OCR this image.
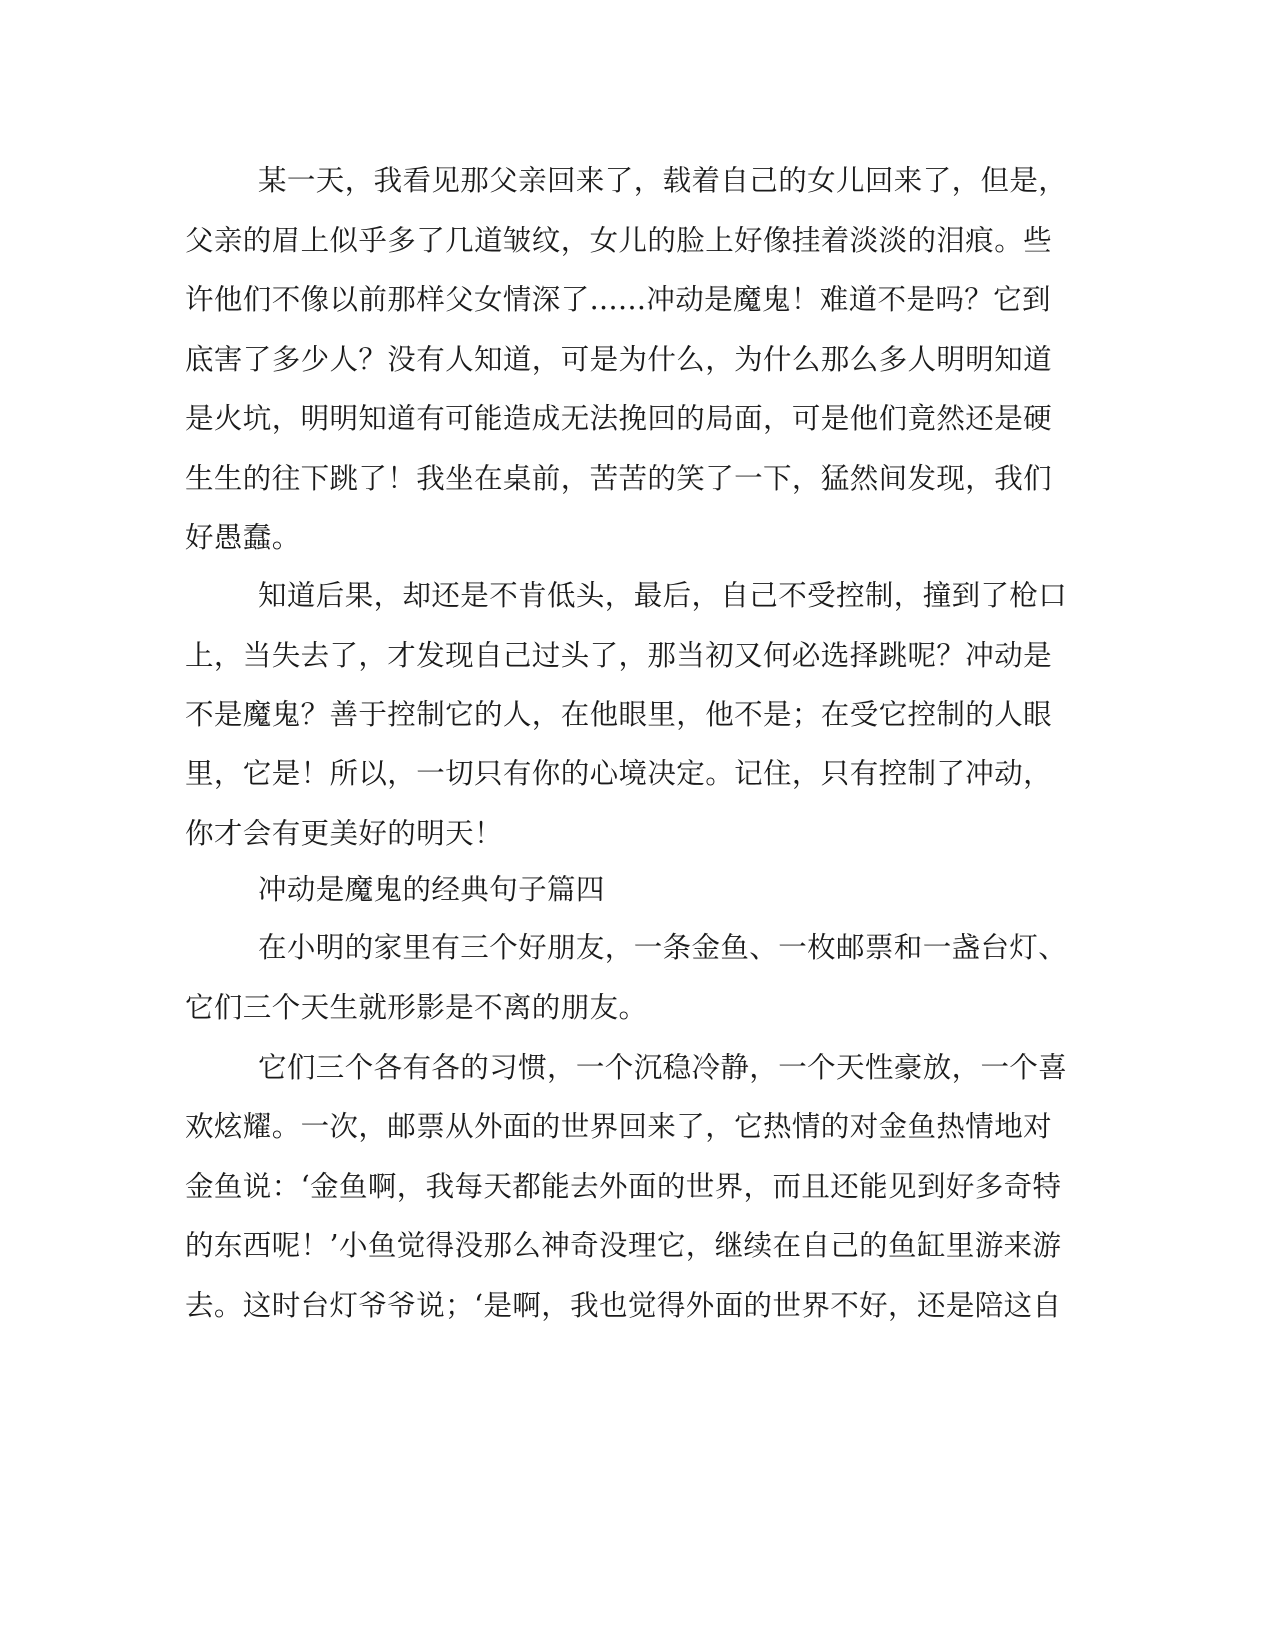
某一天，我看见那父亲回来了，载着自己的女儿回来了，但是，
父亲的眉上似乎多了几道皱纹，女儿的脸上好像挂着淡淡的泪痕。些
许他们不像以前那样父女情深了......冲动是魔鬼！难道不是吗？它到
底害了多少人？没有人知道，可是为什么，为什么那么多人明明知道
是火坑，明明知道有可能造成无法挽回的局面，可是他们竟然还是硬
生生的往下跳了！我坐在桌前，苦苦的笑了一下，猛然间发现，我们
好愚蠢。
知道后果，却还是不肯低头，最后，自己不受控制，撞到了枪口
上，当失去了，才发现自己过头了，那当初又何必选择跳呢？冲动是
不是魔鬼？善于控制它的人，在他眼里，他不是；在受它控制的人眼
里，它是！所以，一切只有你的心境决定。记住，只有控制了冲动，
你才会有更美好的明天！
冲动是魔鬼的经典句子篇四
在小明的家里有三个好朋友，一条金鱼、一枚邮票和一盏台灯、
它们三个天生就形影是不离的朋友。
它们三个各有各的习惯，一个沉稳冷静，一个天性豪放，一个喜
欢炫耀。一次，邮票从外面的世界回来了，它热情的对金鱼热情地对
金鱼说：‘金鱼啊，我每天都能去外面的世界，而且还能见到好多奇特
的东西呢！’小鱼觉得没那么神奇没理它，继续在自己的鱼缸里游来游
去。这时台灯爷爷说；‘是啊，我也觉得外面的世界不好，还是陪这自
